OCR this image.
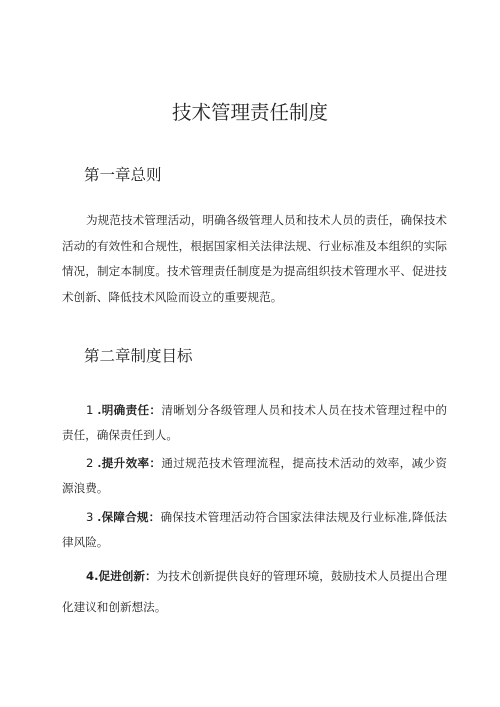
技术管理责任制度
第一章总则
为规范技术管理活动，明确各级管理人员和技术人员的责任，确保技术活动的有效性和合规性，根据国家相关法律法规、行业标准及本组织的实际情况，制定本制度。技术管理责任制度是为提高组织技术管理水平、促进技术创新、降低技术风险而设立的重要规范。
第二章制度目标
1 .明确责任：清晰划分各级管理人员和技术人员在技术管理过程中的责任，确保责任到人。
2 .提升效率：通过规范技术管理流程，提高技术活动的效率，减少资源浪费。
3 .保障合规：确保技术管理活动符合国家法律法规及行业标准,降低法律风险。
4.促进创新：为技术创新提供良好的管理环境，鼓励技术人员提出合理化建议和创新想法。
